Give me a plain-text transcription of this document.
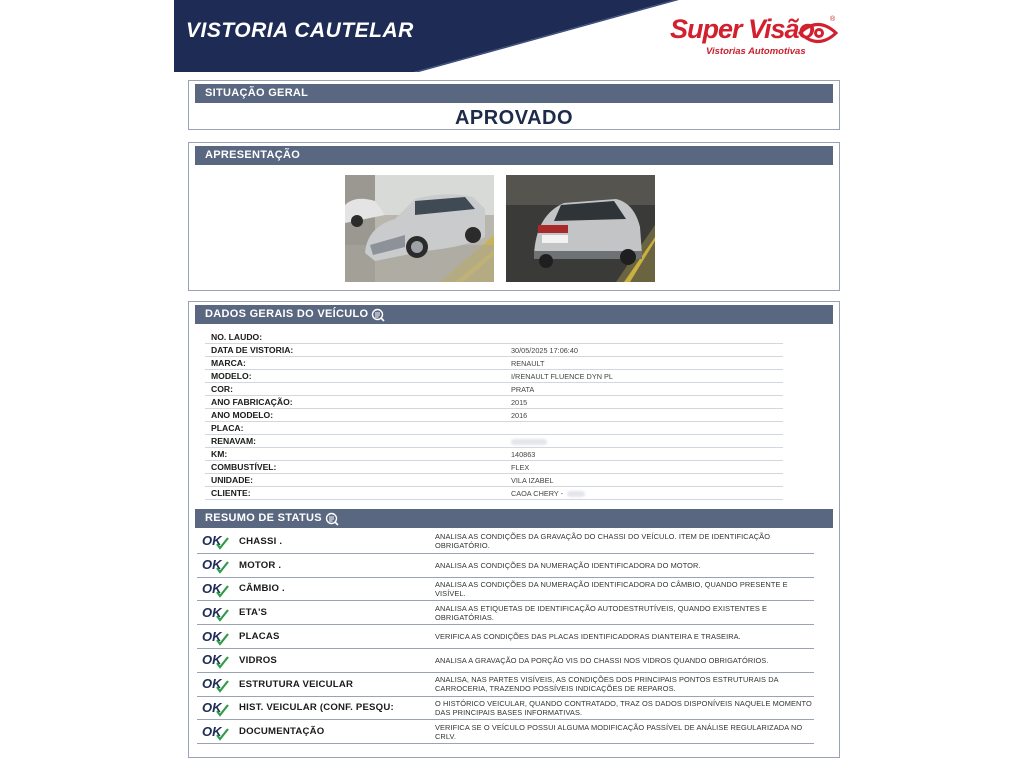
VISTORIA CAUTELAR	Super Visão ®
Vistorias Automotivas
SITUAÇÃO GERAL
APROVADO
APRESENTAÇÃO
DADOS GERAIS DO VEÍCULO
NO. LAUDO:
DATA DE VISTORIA:	30/05/2025 17:06:40
MARCA:	RENAULT
MODELO:	I/RENAULT FLUENCE DYN PL
COR:	PRATA
ANO FABRICAÇÃO:	2015
ANO MODELO:	2016
PLACA:
RENAVAM:
KM:	140863
COMBUSTÍVEL:	FLEX
UNIDADE:	VILA IZABEL
CLIENTE:	CAOA CHERY -
RESUMO DE STATUS
OK	CHASSI .	ANALISA AS CONDIÇÕES DA GRAVAÇÃO DO CHASSI DO VEÍCULO. ITEM DE IDENTIFICAÇÃO OBRIGATÓRIO.
OK	MOTOR .	ANALISA AS CONDIÇÕES DA NUMERAÇÃO IDENTIFICADORA DO MOTOR.
OK	CÂMBIO .	ANALISA AS CONDIÇÕES DA NUMERAÇÃO IDENTIFICADORA DO CÂMBIO, QUANDO PRESENTE E VISÍVEL.
OK	ETA'S	ANALISA AS ETIQUETAS DE IDENTIFICAÇÃO AUTODESTRUTÍVEIS, QUANDO EXISTENTES E OBRIGATÓRIAS.
OK	PLACAS	VERIFICA AS CONDIÇÕES DAS PLACAS IDENTIFICADORAS DIANTEIRA E TRASEIRA.
OK	VIDROS	ANALISA A GRAVAÇÃO DA PORÇÃO VIS DO CHASSI NOS VIDROS QUANDO OBRIGATÓRIOS.
OK	ESTRUTURA VEICULAR	ANALISA, NAS PARTES VISÍVEIS, AS CONDIÇÕES DOS PRINCIPAIS PONTOS ESTRUTURAIS DA CARROCERIA, TRAZENDO POSSÍVEIS INDICAÇÕES DE REPAROS.
OK	HIST. VEICULAR (CONF. PESQU:	O HISTÓRICO VEICULAR, QUANDO CONTRATADO, TRAZ OS DADOS DISPONÍVEIS NAQUELE MOMENTO DAS PRINCIPAIS BASES INFORMATIVAS.
OK	DOCUMENTAÇÃO	VERIFICA SE O VEÍCULO POSSUI ALGUMA MODIFICAÇÃO PASSÍVEL DE ANÁLISE REGULARIZADA NO CRLV.
